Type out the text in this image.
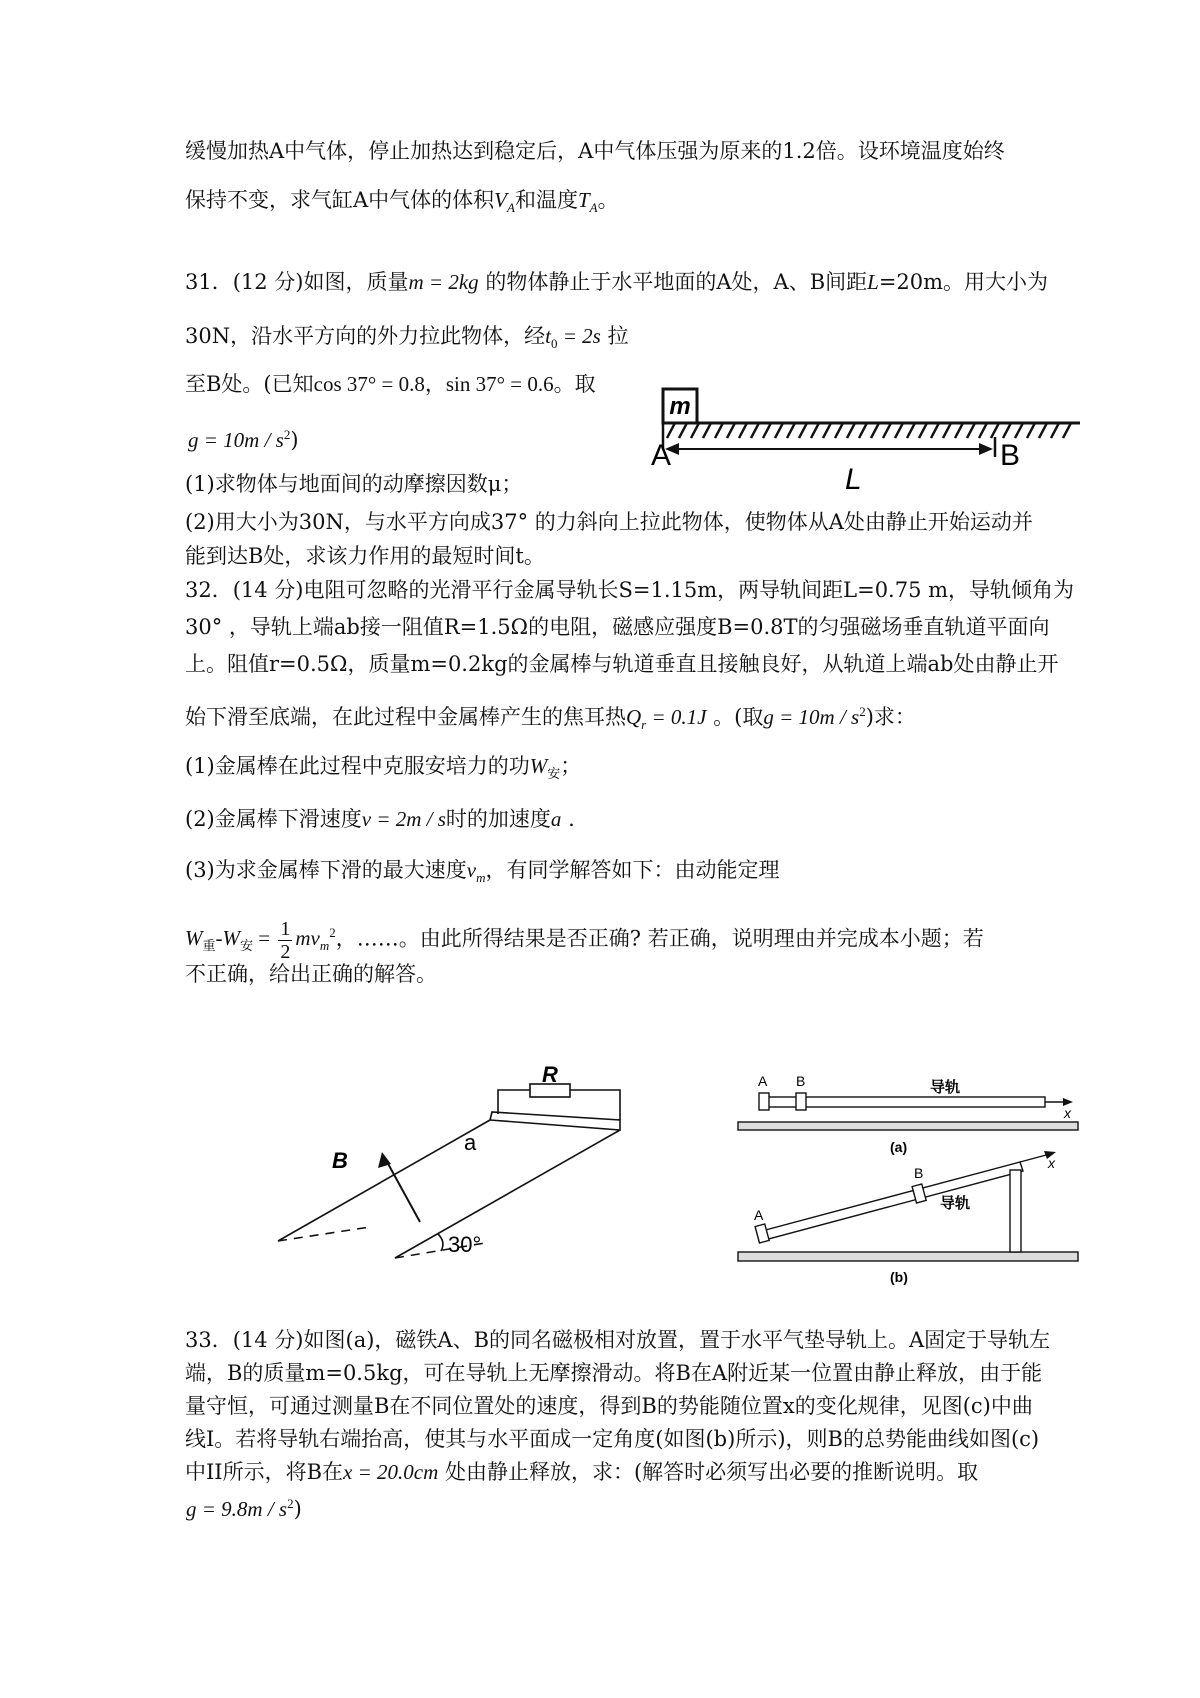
缓慢加热A中气体，停止加热达到稳定后，A中气体压强为原来的1.2倍。设环境温度始终
保持不变，求气缸A中气体的体积$V_A$和温度$T_A$。
31．(12 分)如图，质量m = 2kg 的物体静止于水平地面的A处，A、B间距L=20m。用大小为
30N，沿水平方向的外力拉此物体，经$t_0 = 2s$ 拉
至B处。(已知cos 37° = 0.8，sin 37° = 0.6。取
$g = 10m / s^2$)
(1)求物体与地面间的动摩擦因数μ；
(2)用大小为30N，与水平方向成37° 的力斜向上拉此物体，使物体从A处由静止开始运动并
能到达B处，求该力作用的最短时间t。
m
A	B
L
32．(14 分)电阻可忽略的光滑平行金属导轨长S=1.15m，两导轨间距L=0.75 m，导轨倾角为
30° ，导轨上端ab接一阻值R=1.5Ω的电阻，磁感应强度B=0.8T的匀强磁场垂直轨道平面向
上。阻值r=0.5Ω，质量m=0.2kg的金属棒与轨道垂直且接触良好，从轨道上端ab处由静止开
始下滑至底端，在此过程中金属棒产生的焦耳热$Q_r = 0.1J$ 。(取$g = 10m / s^2$)求：
(1)金属棒在此过程中克服安培力的功$W_安$；
(2)金属棒下滑速度v = 2m / s时的加速度a .
(3)为求金属棒下滑的最大速度$v_m$，有同学解答如下：由动能定理
$W_重-W_安 = \frac{1}{2} mv_m^2$，……。由此所得结果是否正确? 若正确，说明理由并完成本小题；若
不正确，给出正确的解答。
R
B
a
30°
x
A B	导轨
(a)
x
A
B
导轨
(b)
33．(14 分)如图(a)，磁铁A、B的同名磁极相对放置，置于水平气垫导轨上。A固定于导轨左
端，B的质量m=0.5kg，可在导轨上无摩擦滑动。将B在A附近某一位置由静止释放，由于能
量守恒，可通过测量B在不同位置处的速度，得到B的势能随位置x的变化规律，见图(c)中曲
线I。若将导轨右端抬高，使其与水平面成一定角度(如图(b)所示)，则B的总势能曲线如图(c)
中II所示，将B在x = 20.0cm 处由静止释放，求：(解答时必须写出必要的推断说明。取
$g = 9.8m / s^2$)
